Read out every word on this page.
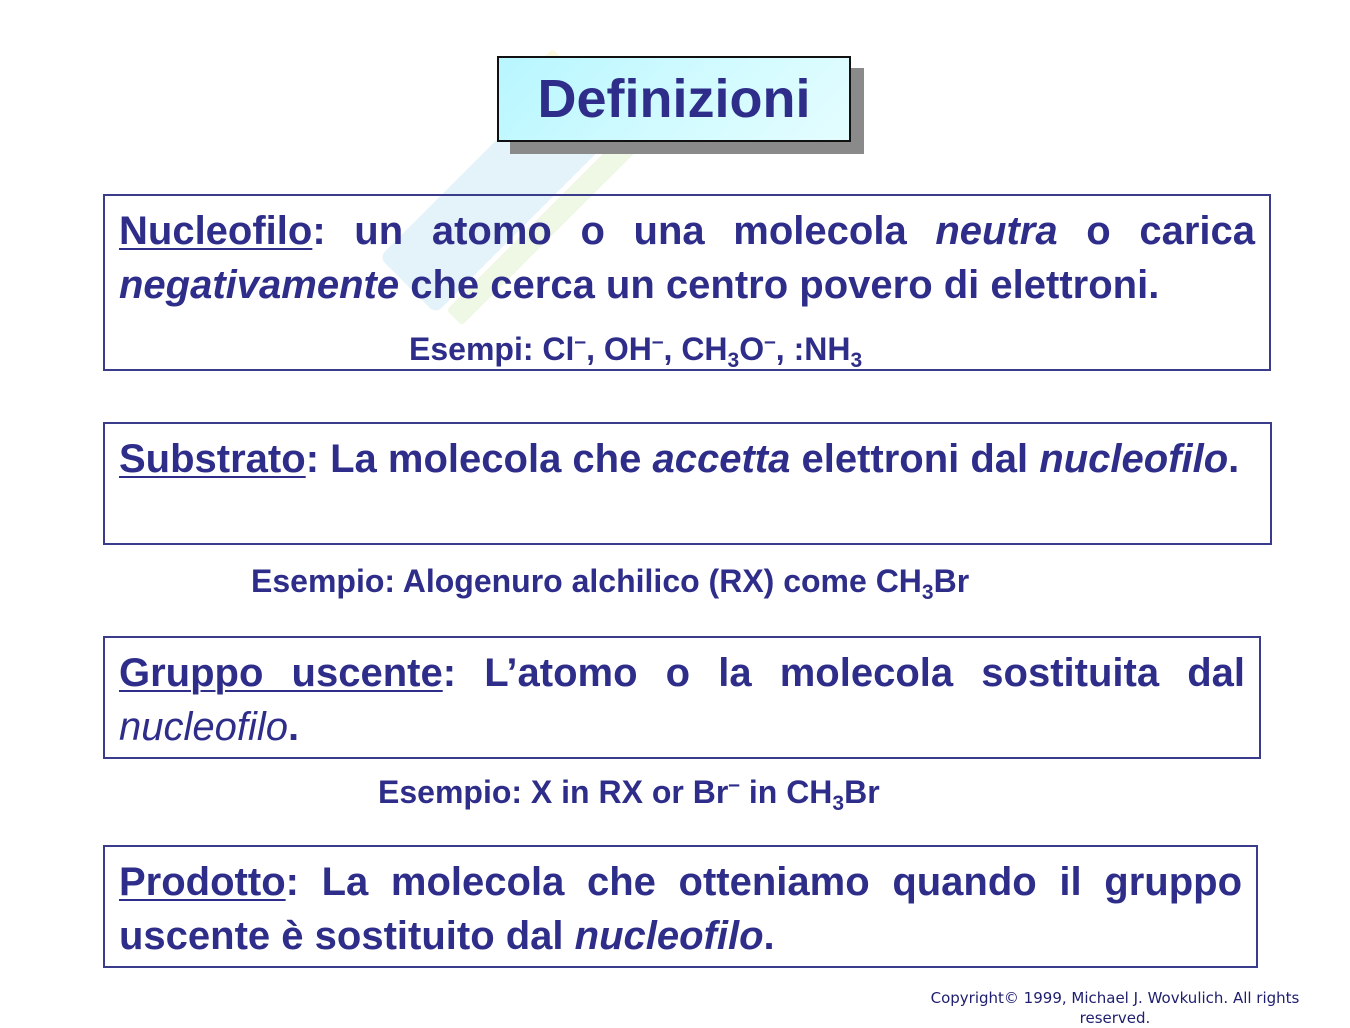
Definizioni

Nucleofilo: un atomo o una molecola neutra o carica negativamente che cerca un centro povero di elettroni.

Esempi: Cl–, OH–, $CH_3O^-$, $:NH_3$

Substrato: La molecola che accetta elettroni dal nucleofilo.

Esempio: Alogenuro alchilico (RX) come $CH_3Br$

Gruppo uscente: L’atomo o la molecola sostituita dal nucleofilo.

Esempio: X in RX or Br– in $CH_3Br$

Prodotto: La molecola che otteniamo quando il gruppo uscente è sostituito dal nucleofilo.

Copyright© 1999, Michael J. Wovkulich. All rights reserved.
